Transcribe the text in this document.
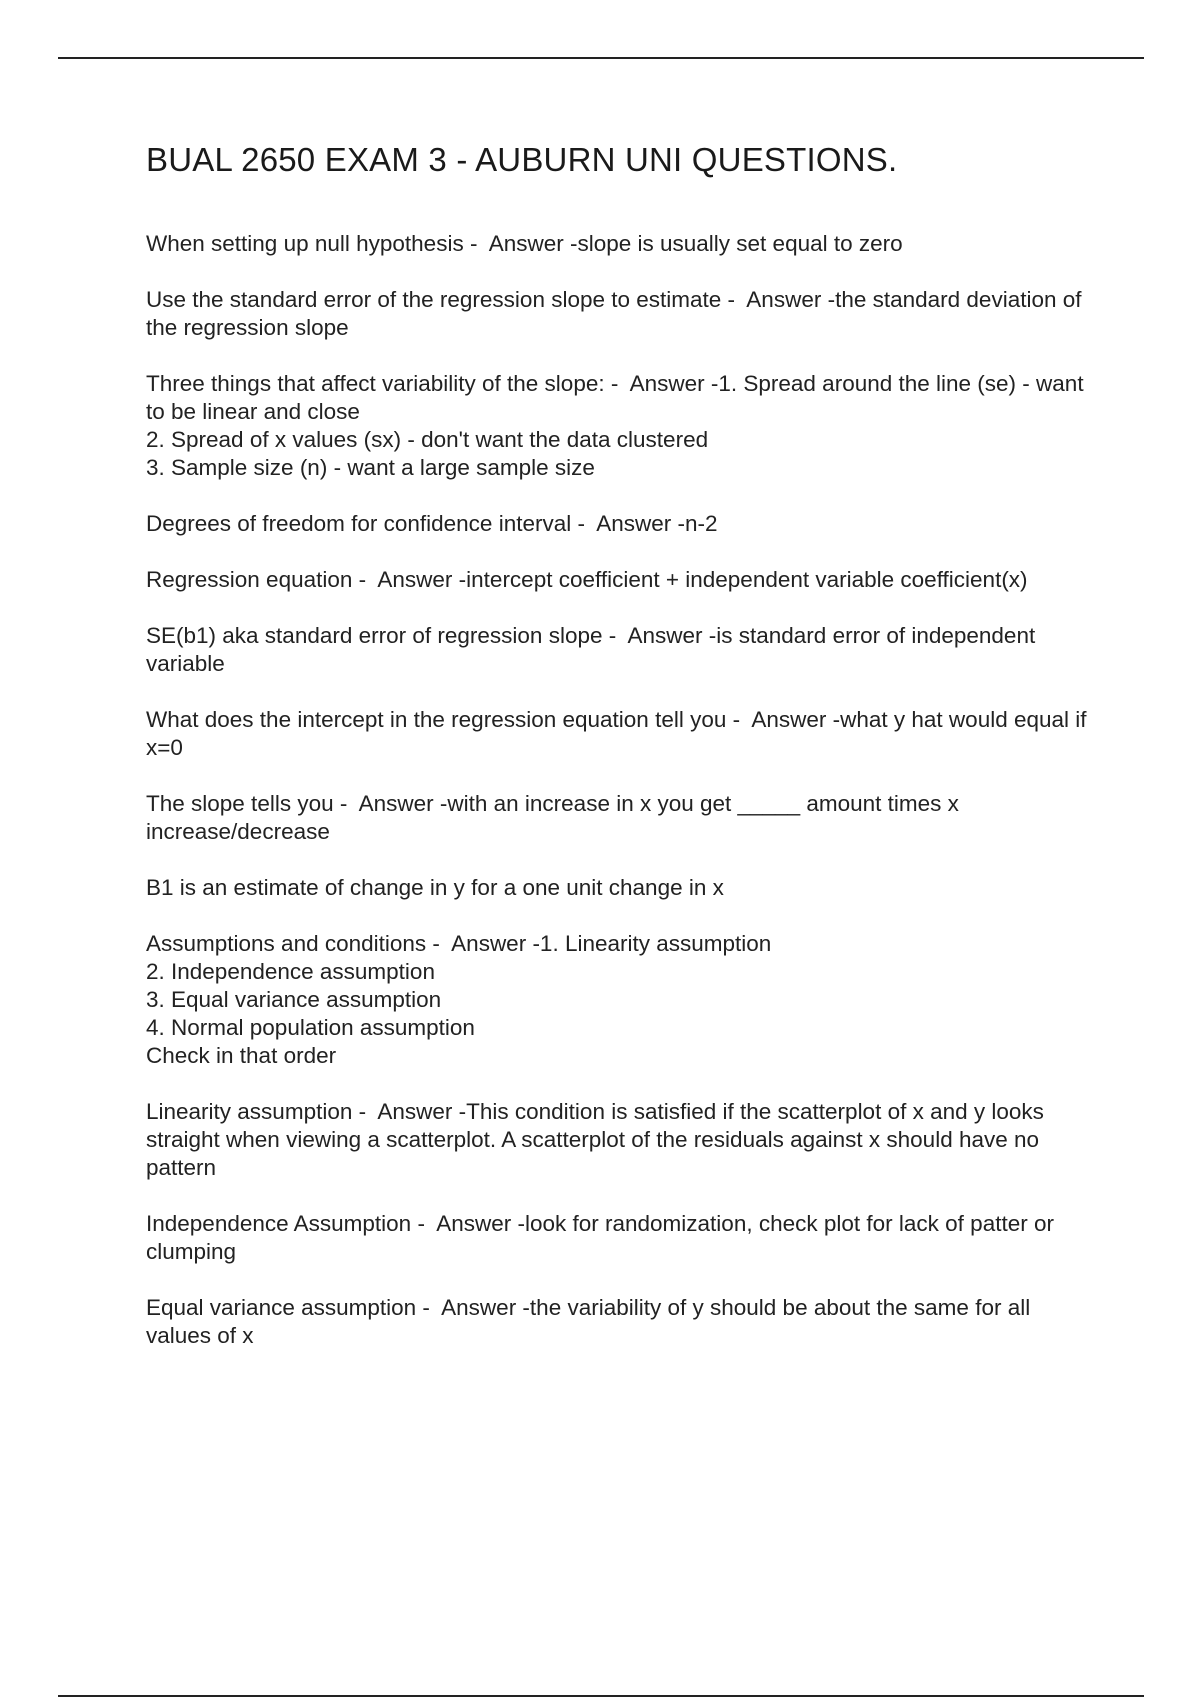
BUAL 2650 EXAM 3 - AUBURN UNI QUESTIONS.
When setting up null hypothesis -  Answer -slope is usually set equal to zero
Use the standard error of the regression slope to estimate -  Answer -the standard deviation of the regression slope
Three things that affect variability of the slope: -  Answer -1. Spread around the line (se) - want to be linear and close
2. Spread of x values (sx) - don't want the data clustered
3. Sample size (n) - want a large sample size
Degrees of freedom for confidence interval -  Answer -n-2
Regression equation -  Answer -intercept coefficient + independent variable coefficient(x)
SE(b1) aka standard error of regression slope -  Answer -is standard error of independent variable
What does the intercept in the regression equation tell you -  Answer -what y hat would equal if x=0
The slope tells you -  Answer -with an increase in x you get _____ amount times x increase/decrease
B1 is an estimate of change in y for a one unit change in x
Assumptions and conditions -  Answer -1. Linearity assumption
2. Independence assumption
3. Equal variance assumption
4. Normal population assumption
Check in that order
Linearity assumption -  Answer -This condition is satisfied if the scatterplot of x and y looks straight when viewing a scatterplot. A scatterplot of the residuals against x should have no pattern
Independence Assumption -  Answer -look for randomization, check plot for lack of patter or clumping
Equal variance assumption -  Answer -the variability of y should be about the same for all values of x
